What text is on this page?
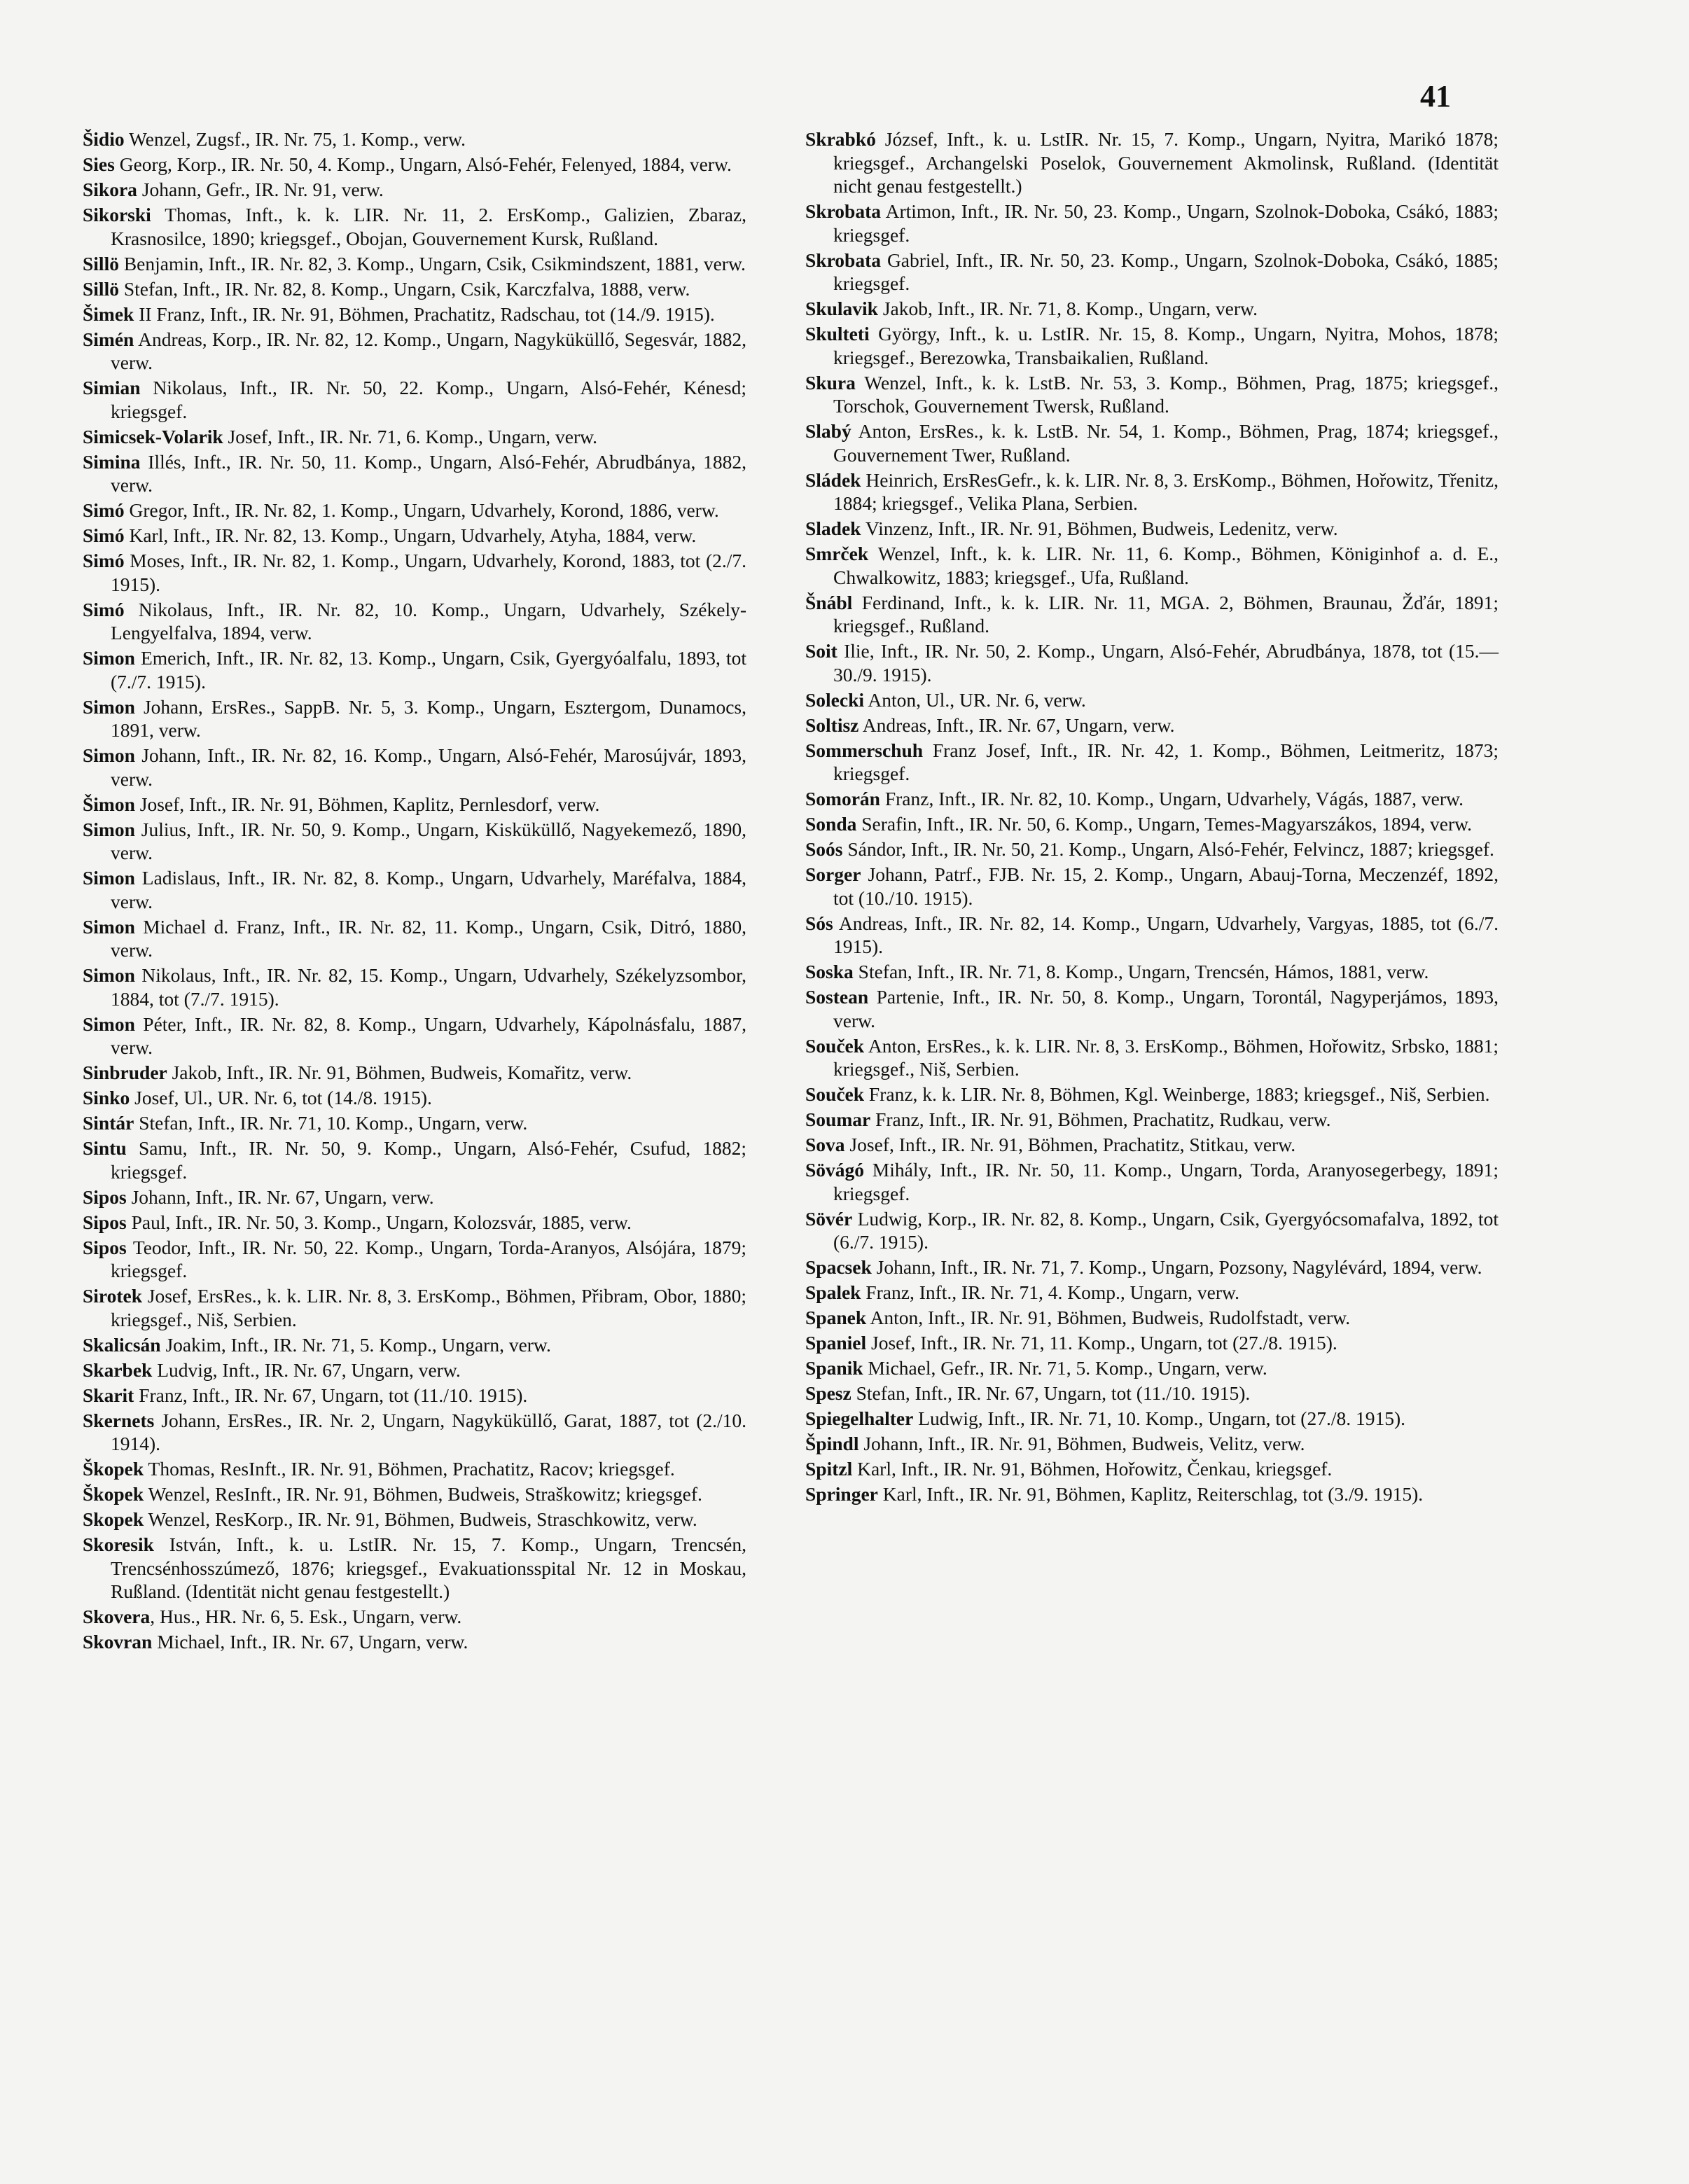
41
Šidio Wenzel, Zugsf., IR. Nr. 75, 1. Komp., verw.
Sies Georg, Korp., IR. Nr. 50, 4. Komp., Ungarn, Alsó-Fehér, Felenyed, 1884, verw.
Sikora Johann, Gefr., IR. Nr. 91, verw.
Sikorski Thomas, Inft., k. k. LIR. Nr. 11, 2. ErsKomp., Galizien, Zbaraz, Krasnosilce, 1890; kriegsgef., Obojan, Gouvernement Kursk, Rußland.
Sillö Benjamin, Inft., IR. Nr. 82, 3. Komp., Ungarn, Csik, Csikmindszent, 1881, verw.
Sillö Stefan, Inft., IR. Nr. 82, 8. Komp., Ungarn, Csik, Karczfalva, 1888, verw.
Šimek II Franz, Inft., IR. Nr. 91, Böhmen, Prachatitz, Radschau, tot (14./9. 1915).
Simén Andreas, Korp., IR. Nr. 82, 12. Komp., Ungarn, Nagyküküllő, Segesvár, 1882, verw.
Simian Nikolaus, Inft., IR. Nr. 50, 22. Komp., Ungarn, Alsó-Fehér, Kénesd; kriegsgef.
Simicsek-Volarik Josef, Inft., IR. Nr. 71, 6. Komp., Ungarn, verw.
Simina Illés, Inft., IR. Nr. 50, 11. Komp., Ungarn, Alsó-Fehér, Abrudbánya, 1882, verw.
Simó Gregor, Inft., IR. Nr. 82, 1. Komp., Ungarn, Udvarhely, Korond, 1886, verw.
Simó Karl, Inft., IR. Nr. 82, 13. Komp., Ungarn, Udvarhely, Atyha, 1884, verw.
Simó Moses, Inft., IR. Nr. 82, 1. Komp., Ungarn, Udvarhely, Korond, 1883, tot (2./7. 1915).
Simó Nikolaus, Inft., IR. Nr. 82, 10. Komp., Ungarn, Udvarhely, Székely-Lengyelfalva, 1894, verw.
Simon Emerich, Inft., IR. Nr. 82, 13. Komp., Ungarn, Csik, Gyergyóalfalu, 1893, tot (7./7. 1915).
Simon Johann, ErsRes., SappB. Nr. 5, 3. Komp., Ungarn, Esztergom, Dunamocs, 1891, verw.
Simon Johann, Inft., IR. Nr. 82, 16. Komp., Ungarn, Alsó-Fehér, Marosújvár, 1893, verw.
Šimon Josef, Inft., IR. Nr. 91, Böhmen, Kaplitz, Pernlesdorf, verw.
Simon Julius, Inft., IR. Nr. 50, 9. Komp., Ungarn, Kisküküllő, Nagyekemező, 1890, verw.
Simon Ladislaus, Inft., IR. Nr. 82, 8. Komp., Ungarn, Udvarhely, Maréfalva, 1884, verw.
Simon Michael d. Franz, Inft., IR. Nr. 82, 11. Komp., Ungarn, Csik, Ditró, 1880, verw.
Simon Nikolaus, Inft., IR. Nr. 82, 15. Komp., Ungarn, Udvarhely, Székelyzsombor, 1884, tot (7./7. 1915).
Simon Péter, Inft., IR. Nr. 82, 8. Komp., Ungarn, Udvarhely, Kápolnásfalu, 1887, verw.
Sinbruder Jakob, Inft., IR. Nr. 91, Böhmen, Budweis, Komařitz, verw.
Sinko Josef, Ul., UR. Nr. 6, tot (14./8. 1915).
Sintár Stefan, Inft., IR. Nr. 71, 10. Komp., Ungarn, verw.
Sintu Samu, Inft., IR. Nr. 50, 9. Komp., Ungarn, Alsó-Fehér, Csufud, 1882; kriegsgef.
Sipos Johann, Inft., IR. Nr. 67, Ungarn, verw.
Sipos Paul, Inft., IR. Nr. 50, 3. Komp., Ungarn, Kolozsvár, 1885, verw.
Sipos Teodor, Inft., IR. Nr. 50, 22. Komp., Ungarn, Torda-Aranyos, Alsójára, 1879; kriegsgef.
Sirotek Josef, ErsRes., k. k. LIR. Nr. 8, 3. ErsKomp., Böhmen, Přibram, Obor, 1880; kriegsgef., Niš, Serbien.
Skalicsán Joakim, Inft., IR. Nr. 71, 5. Komp., Ungarn, verw.
Skarbek Ludvig, Inft., IR. Nr. 67, Ungarn, verw.
Skarit Franz, Inft., IR. Nr. 67, Ungarn, tot (11./10. 1915).
Skernets Johann, ErsRes., IR. Nr. 2, Ungarn, Nagyküküllő, Garat, 1887, tot (2./10. 1914).
Škopek Thomas, ResInft., IR. Nr. 91, Böhmen, Prachatitz, Racov; kriegsgef.
Škopek Wenzel, ResInft., IR. Nr. 91, Böhmen, Budweis, Straškowitz; kriegsgef.
Skopek Wenzel, ResKorp., IR. Nr. 91, Böhmen, Budweis, Straschkowitz, verw.
Skoresik István, Inft., k. u. LstIR. Nr. 15, 7. Komp., Ungarn, Trencsén, Trencsénhosszúmező, 1876; kriegsgef., Evakuationsspital Nr. 12 in Moskau, Rußland. (Identität nicht genau festgestellt.)
Skovera, Hus., HR. Nr. 6, 5. Esk., Ungarn, verw.
Skovran Michael, Inft., IR. Nr. 67, Ungarn, verw.
Skrabkó József, Inft., k. u. LstIR. Nr. 15, 7. Komp., Ungarn, Nyitra, Marikó 1878; kriegsgef., Archangelski Poselok, Gouvernement Akmolinsk, Rußland. (Identität nicht genau festgestellt.)
Skrobata Artimon, Inft., IR. Nr. 50, 23. Komp., Ungarn, Szolnok-Doboka, Csákó, 1883; kriegsgef.
Skrobata Gabriel, Inft., IR. Nr. 50, 23. Komp., Ungarn, Szolnok-Doboka, Csákó, 1885; kriegsgef.
Skulavik Jakob, Inft., IR. Nr. 71, 8. Komp., Ungarn, verw.
Skulteti György, Inft., k. u. LstIR. Nr. 15, 8. Komp., Ungarn, Nyitra, Mohos, 1878; kriegsgef., Berezowka, Transbaikalien, Rußland.
Skura Wenzel, Inft., k. k. LstB. Nr. 53, 3. Komp., Böhmen, Prag, 1875; kriegsgef., Torschok, Gouvernement Twersk, Rußland.
Slabý Anton, ErsRes., k. k. LstB. Nr. 54, 1. Komp., Böhmen, Prag, 1874; kriegsgef., Gouvernement Twer, Rußland.
Sládek Heinrich, ErsResGefr., k. k. LIR. Nr. 8, 3. ErsKomp., Böhmen, Hořowitz, Třenitz, 1884; kriegsgef., Velika Plana, Serbien.
Sladek Vinzenz, Inft., IR. Nr. 91, Böhmen, Budweis, Ledenitz, verw.
Smrček Wenzel, Inft., k. k. LIR. Nr. 11, 6. Komp., Böhmen, Königinhof a. d. E., Chwalkowitz, 1883; kriegsgef., Ufa, Rußland.
Šnábl Ferdinand, Inft., k. k. LIR. Nr. 11, MGA. 2, Böhmen, Braunau, Žďár, 1891; kriegsgef., Rußland.
Soit Ilie, Inft., IR. Nr. 50, 2. Komp., Ungarn, Alsó-Fehér, Abrudbánya, 1878, tot (15.—30./9. 1915).
Solecki Anton, Ul., UR. Nr. 6, verw.
Soltisz Andreas, Inft., IR. Nr. 67, Ungarn, verw.
Sommerschuh Franz Josef, Inft., IR. Nr. 42, 1. Komp., Böhmen, Leitmeritz, 1873; kriegsgef.
Somorán Franz, Inft., IR. Nr. 82, 10. Komp., Ungarn, Udvarhely, Vágás, 1887, verw.
Sonda Serafin, Inft., IR. Nr. 50, 6. Komp., Ungarn, Temes-Magyarszákos, 1894, verw.
Soós Sándor, Inft., IR. Nr. 50, 21. Komp., Ungarn, Alsó-Fehér, Felvincz, 1887; kriegsgef.
Sorger Johann, Patrf., FJB. Nr. 15, 2. Komp., Ungarn, Abauj-Torna, Meczenzéf, 1892, tot (10./10. 1915).
Sós Andreas, Inft., IR. Nr. 82, 14. Komp., Ungarn, Udvarhely, Vargyas, 1885, tot (6./7. 1915).
Soska Stefan, Inft., IR. Nr. 71, 8. Komp., Ungarn, Trencsén, Hámos, 1881, verw.
Sostean Partenie, Inft., IR. Nr. 50, 8. Komp., Ungarn, Torontál, Nagyperjámos, 1893, verw.
Souček Anton, ErsRes., k. k. LIR. Nr. 8, 3. ErsKomp., Böhmen, Hořowitz, Srbsko, 1881; kriegsgef., Niš, Serbien.
Souček Franz, k. k. LIR. Nr. 8, Böhmen, Kgl. Weinberge, 1883; kriegsgef., Niš, Serbien.
Soumar Franz, Inft., IR. Nr. 91, Böhmen, Prachatitz, Rudkau, verw.
Sova Josef, Inft., IR. Nr. 91, Böhmen, Prachatitz, Stitkau, verw.
Sövágó Mihály, Inft., IR. Nr. 50, 11. Komp., Ungarn, Torda, Aranyosegerbegy, 1891; kriegsgef.
Sövér Ludwig, Korp., IR. Nr. 82, 8. Komp., Ungarn, Csik, Gyergyócsomafalva, 1892, tot (6./7. 1915).
Spacsek Johann, Inft., IR. Nr. 71, 7. Komp., Ungarn, Pozsony, Nagylévárd, 1894, verw.
Spalek Franz, Inft., IR. Nr. 71, 4. Komp., Ungarn, verw.
Spanek Anton, Inft., IR. Nr. 91, Böhmen, Budweis, Rudolfstadt, verw.
Spaniel Josef, Inft., IR. Nr. 71, 11. Komp., Ungarn, tot (27./8. 1915).
Spanik Michael, Gefr., IR. Nr. 71, 5. Komp., Ungarn, verw.
Spesz Stefan, Inft., IR. Nr. 67, Ungarn, tot (11./10. 1915).
Spiegelhalter Ludwig, Inft., IR. Nr. 71, 10. Komp., Ungarn, tot (27./8. 1915).
Špindl Johann, Inft., IR. Nr. 91, Böhmen, Budweis, Velitz, verw.
Spitzl Karl, Inft., IR. Nr. 91, Böhmen, Hořowitz, Čenkau, kriegsgef.
Springer Karl, Inft., IR. Nr. 91, Böhmen, Kaplitz, Reiterschlag, tot (3./9. 1915).
